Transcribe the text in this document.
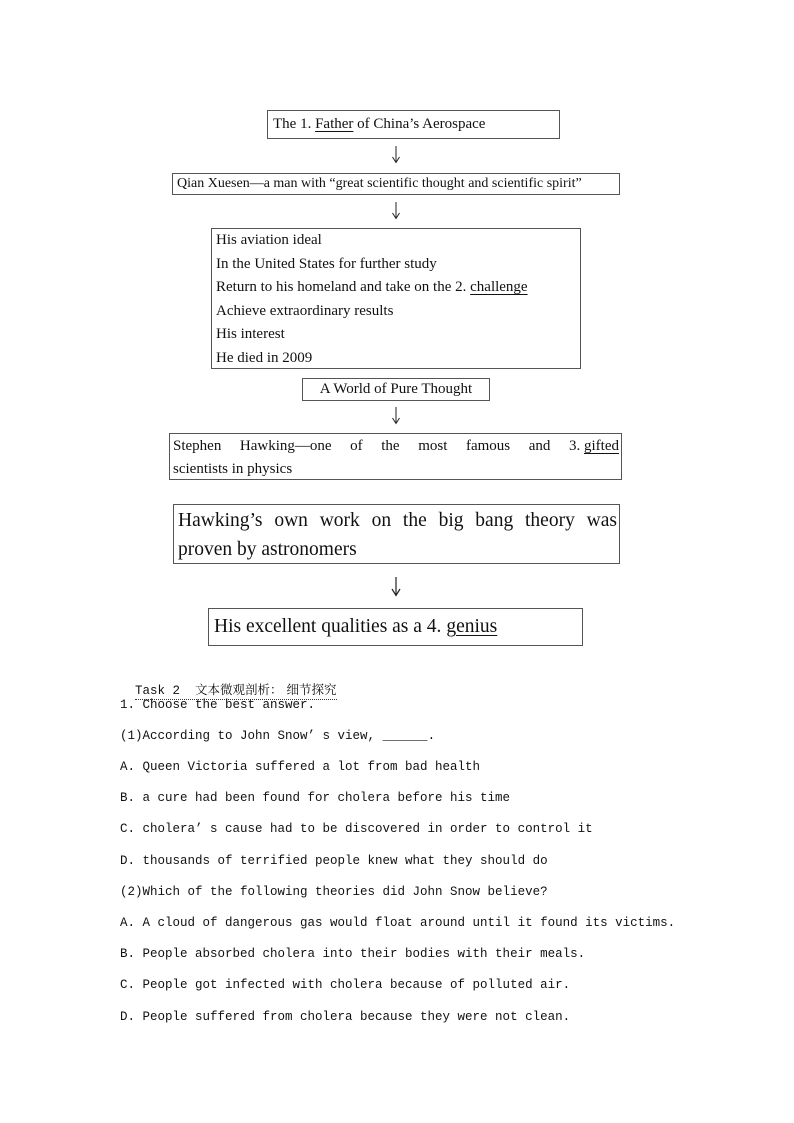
The 1. Father of China’s Aerospace
Qian Xuesen—a man with “great scientific thought and scientific spirit”
His aviation ideal
In the United States for further study
Return to his homeland and take on the 2. challenge
Achieve extraordinary results
His interest
He died in 2009
A World of Pure Thought
Stephen Hawking—one of the most famous and 3. gifted
scientists in physics
Hawking’s own work on the big bang theory was
proven by astronomers
His excellent qualities as a 4. genius

Task 2  文本微观剖析： 细节探究

1. Choose the best answer.
(1)According to John Snow’ s view, ______.
A. Queen Victoria suffered a lot from bad health
B. a cure had been found for cholera before his time
C. cholera’ s cause had to be discovered in order to control it
D. thousands of terrified people knew what they should do
(2)Which of the following theories did John Snow believe?
A. A cloud of dangerous gas would float around until it found its victims.
B. People absorbed cholera into their bodies with their meals.
C. People got infected with cholera because of polluted air.
D. People suffered from cholera because they were not clean.
